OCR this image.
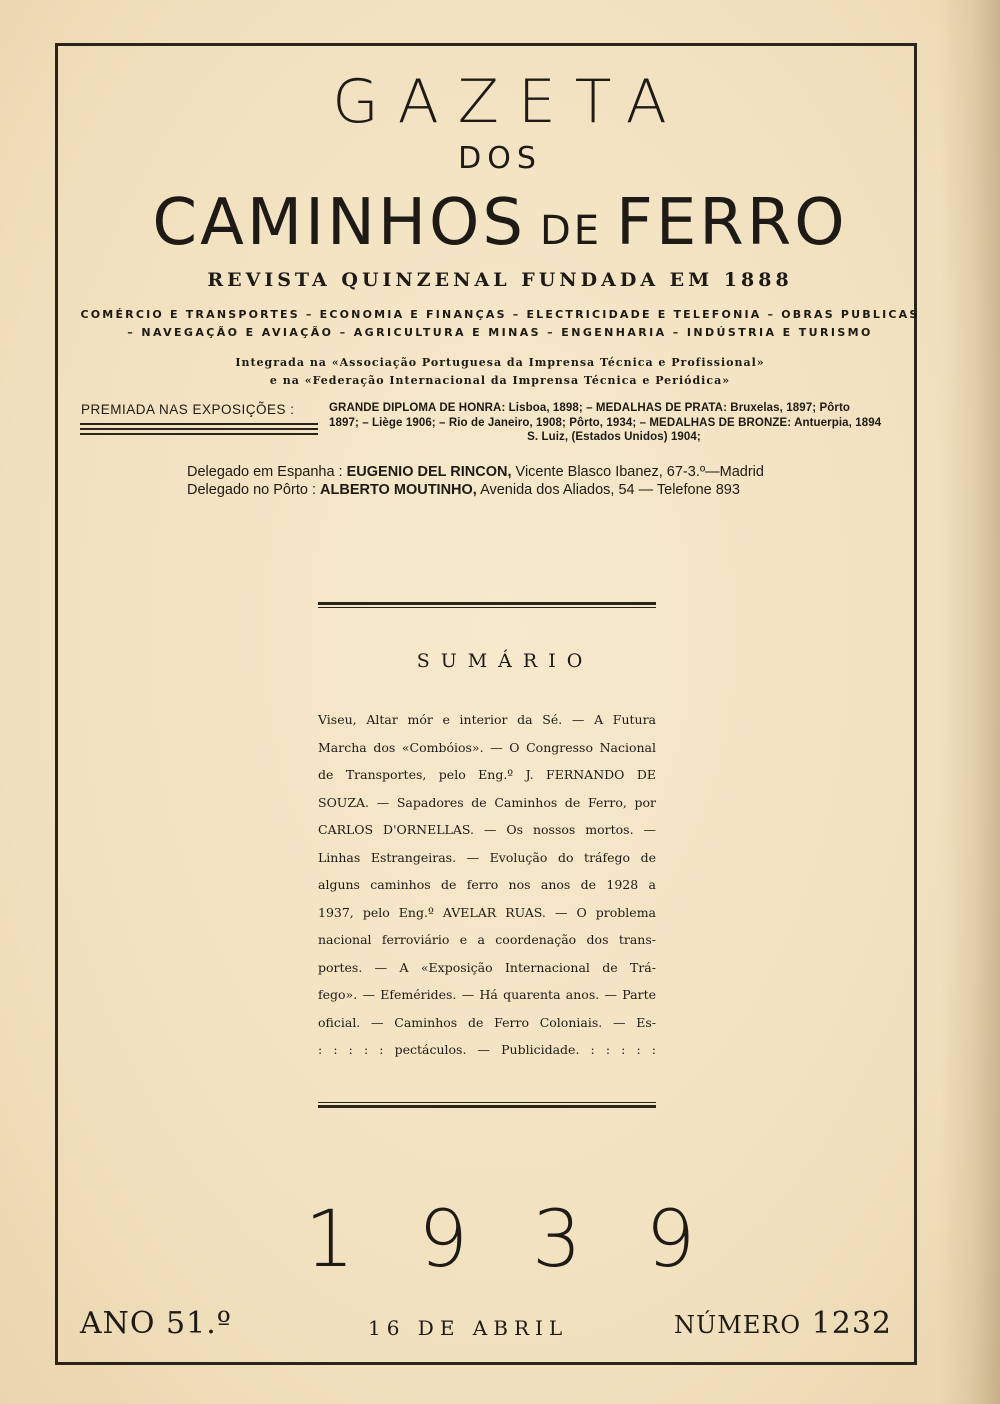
GAZETA
DOS
CAMINHOS DE FERRO
REVISTA QUINZENAL FUNDADA EM 1888
COMÉRCIO E TRANSPORTES – ECONOMIA E FINANÇAS – ELECTRICIDADE E TELEFONIA – OBRAS PUBLICAS
– NAVEGAÇÃO E AVIAÇÃO – AGRICULTURA E MINAS – ENGENHARIA – INDÚSTRIA E TURISMO
Integrada na «Associação Portuguesa da Imprensa Técnica e Profissional»
e na «Federação Internacional da Imprensa Técnica e Periódica»
PREMIADA NAS EXPOSIÇÕES :	GRANDE DIPLOMA DE HONRA: Lisboa, 1898; – MEDALHAS DE PRATA: Bruxelas, 1897; Pôrto
1897; – Liège 1906; – Rio de Janeiro, 1908; Pôrto, 1934; – MEDALHAS DE BRONZE: Antuerpia, 1894
S. Luiz, (Estados Unidos) 1904;
Delegado em Espanha : EUGENIO DEL RINCON, Vicente Blasco Ibanez, 67-3.º—Madrid
Delegado no Pôrto : ALBERTO MOUTINHO, Avenida dos Aliados, 54 — Telefone 893
SUMÁRIO
Viseu, Altar mór e interior da Sé. — A Futura
Marcha dos «Combóios». — O Congresso Nacional
de Transportes, pelo Eng.º J. FERNANDO DE
SOUZA. — Sapadores de Caminhos de Ferro, por
CARLOS D'ORNELLAS. — Os nossos mortos. —
Linhas Estrangeiras. — Evolução do tráfego de
alguns caminhos de ferro nos anos de 1928 a
1937, pelo Eng.º AVELAR RUAS. — O problema
nacional ferroviário e a coordenação dos trans-
portes. — A «Exposição Internacional de Trá-
fego». — Efemérides. — Há quarenta anos. — Parte
oficial. — Caminhos de Ferro Coloniais. — Es-
: : : : : pectáculos. — Publicidade. : : : : :
1939
ANO 51.º	16 DE ABRIL	NÚMERO 1232
